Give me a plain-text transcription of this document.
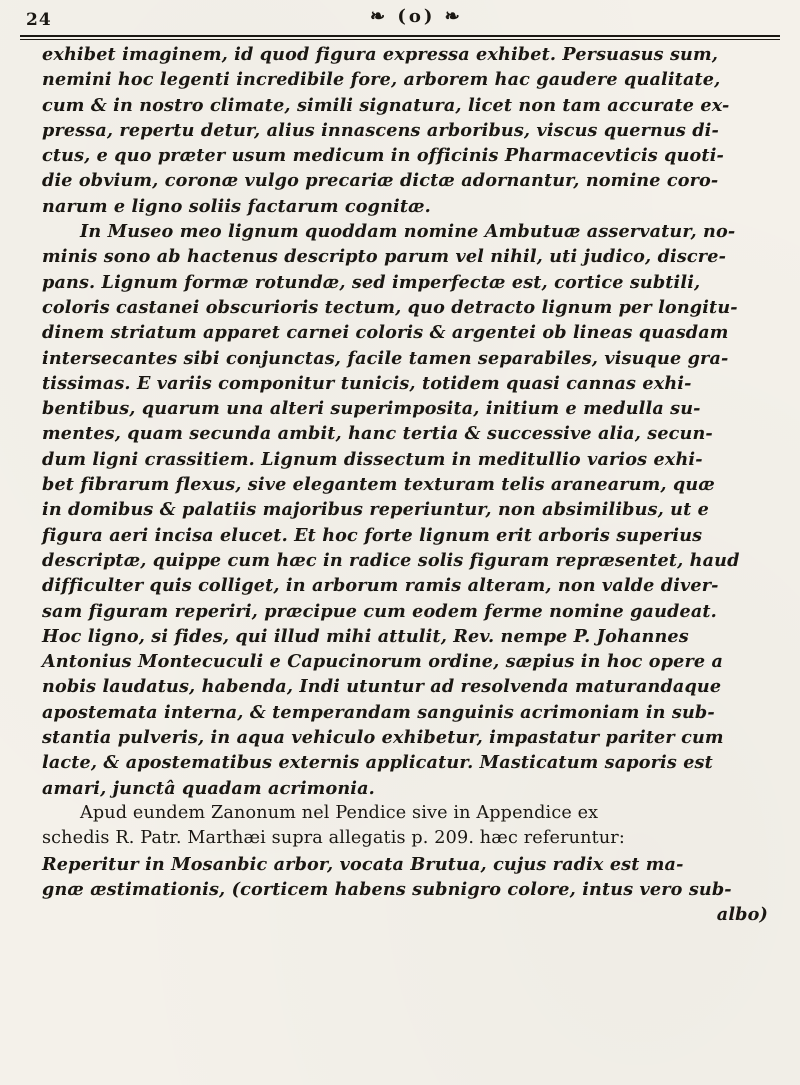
24	❧ (o) ❧
exhibet imaginem, id quod figura expressa exhibet. Persuasus sum,
nemini hoc legenti incredibile fore, arborem hac gaudere qualitate,
cum & in nostro climate, simili signatura, licet non tam accurate ex-
pressa, repertu detur, alius innascens arboribus, viscus quernus di-
ctus, e quo præter usum medicum in officinis Pharmacevticis quoti-
die obvium, coronæ vulgo precariæ dictæ adornantur, nomine coro-
narum e ligno soliis factarum cognitæ.
In Museo meo lignum quoddam nomine Ambutuæ asservatur, no-
minis sono ab hactenus descripto parum vel nihil, uti judico, discre-
pans. Lignum formæ rotundæ, sed imperfectæ est, cortice subtili,
coloris castanei obscurioris tectum, quo detracto lignum per longitu-
dinem striatum apparet carnei coloris & argentei ob lineas quasdam
intersecantes sibi conjunctas, facile tamen separabiles, visuque gra-
tissimas. E variis componitur tunicis, totidem quasi cannas exhi-
bentibus, quarum una alteri superimposita, initium e medulla su-
mentes, quam secunda ambit, hanc tertia & successive alia, secun-
dum ligni crassitiem. Lignum dissectum in meditullio varios exhi-
bet fibrarum flexus, sive elegantem texturam telis aranearum, quæ
in domibus & palatiis majoribus reperiuntur, non absimilibus, ut e
figura aeri incisa elucet. Et hoc forte lignum erit arboris superius
descriptæ, quippe cum hæc in radice solis figuram repræsentet, haud
difficulter quis colliget, in arborum ramis alteram, non valde diver-
sam figuram reperiri, præcipue cum eodem ferme nomine gaudeat.
Hoc ligno, si fides, qui illud mihi attulit, Rev. nempe P. Johannes
Antonius Montecuculi e Capucinorum ordine, sæpius in hoc opere a
nobis laudatus, habenda, Indi utuntur ad resolvenda maturandaque
apostemata interna, & temperandam sanguinis acrimoniam in sub-
stantia pulveris, in aqua vehiculo exhibetur, impastatur pariter cum
lacte, & apostematibus externis applicatur. Masticatum saporis est
amari, junctâ quadam acrimonia.
Apud eundem Zanonum nel Pendice sive in Appendice ex
schedis R. Patr. Marthæi supra allegatis p. 209. hæc referuntur:
Reperitur in Mosanbic arbor, vocata Brutua, cujus radix est ma-
gnæ æstimationis, (corticem habens subnigro colore, intus vero sub-
albo)
